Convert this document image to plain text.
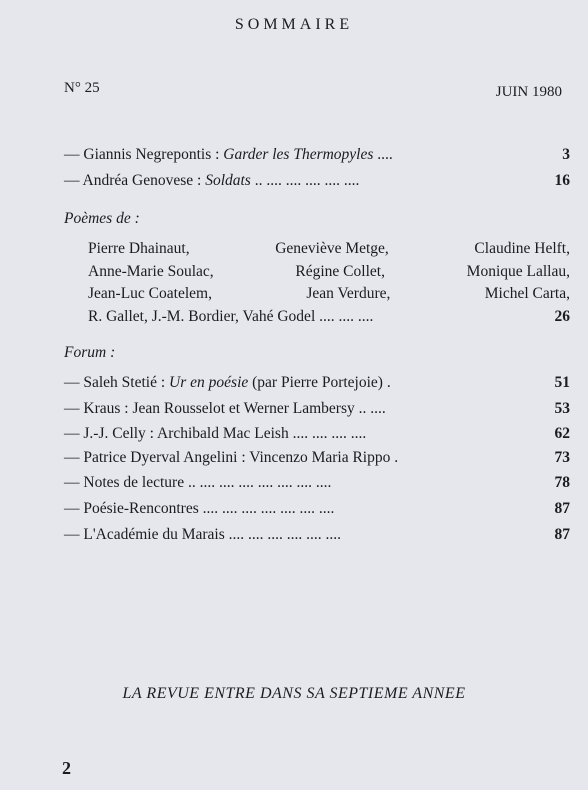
SOMMAIRE
N° 25	JUIN 1980
— Giannis Negrepontis : Garder les Thermopyles ....	3
— Andréa Genovese : Soldats .. .... .... .... .... ....	16
Poèmes de :
Pierre Dhainaut,	Geneviève Metge,	Claudine Helft,
Anne-Marie Soulac,	Régine Collet,	Monique Lallau,
Jean-Luc Coatelem,	Jean Verdure,	Michel Carta,
R. Gallet, J.-M. Bordier, Vahé Godel .... .... ....	26
Forum :
— Saleh Stetié : Ur en poésie (par Pierre Portejoie) .	51
— Kraus : Jean Rousselot et Werner Lambersy .. ....	53
— J.-J. Celly : Archibald Mac Leish .... .... .... ....	62
— Patrice Dyerval Angelini : Vincenzo Maria Rippo .	73
— Notes de lecture .. .... .... .... .... .... .... ....	78
— Poésie-Rencontres .... .... .... .... .... .... ....	87
— L'Académie du Marais .... .... .... .... .... ....	87
LA REVUE ENTRE DANS SA SEPTIEME ANNEE
2
